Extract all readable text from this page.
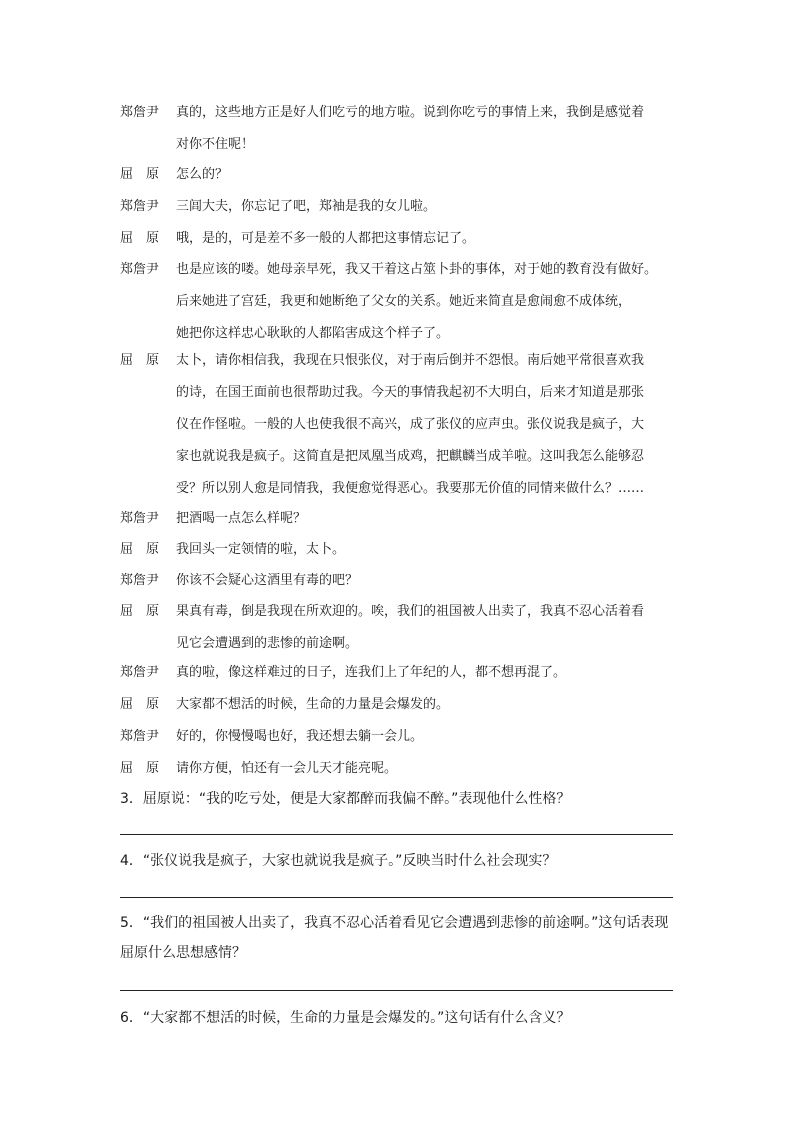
郑詹尹	真的，这些地方正是好人们吃亏的地方啦。说到你吃亏的事情上来，我倒是感觉着
对你不住呢！
屈　原	怎么的？
郑詹尹	三闾大夫，你忘记了吧，郑袖是我的女儿啦。
屈　原	哦，是的，可是差不多一般的人都把这事情忘记了。
郑詹尹	也是应该的喽。她母亲早死，我又干着这占筮卜卦的事体，对于她的教育没有做好。
后来她进了宫廷，我更和她断绝了父女的关系。她近来简直是愈闹愈不成体统，
她把你这样忠心耿耿的人都陷害成这个样子了。
屈　原	太卜，请你相信我，我现在只恨张仪，对于南后倒并不怨恨。南后她平常很喜欢我
的诗，在国王面前也很帮助过我。今天的事情我起初不大明白，后来才知道是那张
仪在作怪啦。一般的人也使我很不高兴，成了张仪的应声虫。张仪说我是疯子，大
家也就说我是疯子。这简直是把凤凰当成鸡，把麒麟当成羊啦。这叫我怎么能够忍
受？所以别人愈是同情我，我便愈觉得恶心。我要那无价值的同情来做什么？……
郑詹尹	把酒喝一点怎么样呢？
屈　原	我回头一定领情的啦，太卜。
郑詹尹	你该不会疑心这酒里有毒的吧？
屈　原	果真有毒，倒是我现在所欢迎的。唉，我们的祖国被人出卖了，我真不忍心活着看
见它会遭遇到的悲惨的前途啊。
郑詹尹	真的啦，像这样难过的日子，连我们上了年纪的人，都不想再混了。
屈　原	大家都不想活的时候，生命的力量是会爆发的。
郑詹尹	好的，你慢慢喝也好，我还想去躺一会儿。
屈　原	请你方便，怕还有一会儿天才能亮呢。
3．屈原说：“我的吃亏处，便是大家都醉而我偏不醉。”表现他什么性格？
4．“张仪说我是疯子，大家也就说我是疯子。”反映当时什么社会现实？
5．“我们的祖国被人出卖了，我真不忍心活着看见它会遭遇到悲惨的前途啊。”这句话表现
屈原什么思想感情？
6．“大家都不想活的时候，生命的力量是会爆发的。”这句话有什么含义？
